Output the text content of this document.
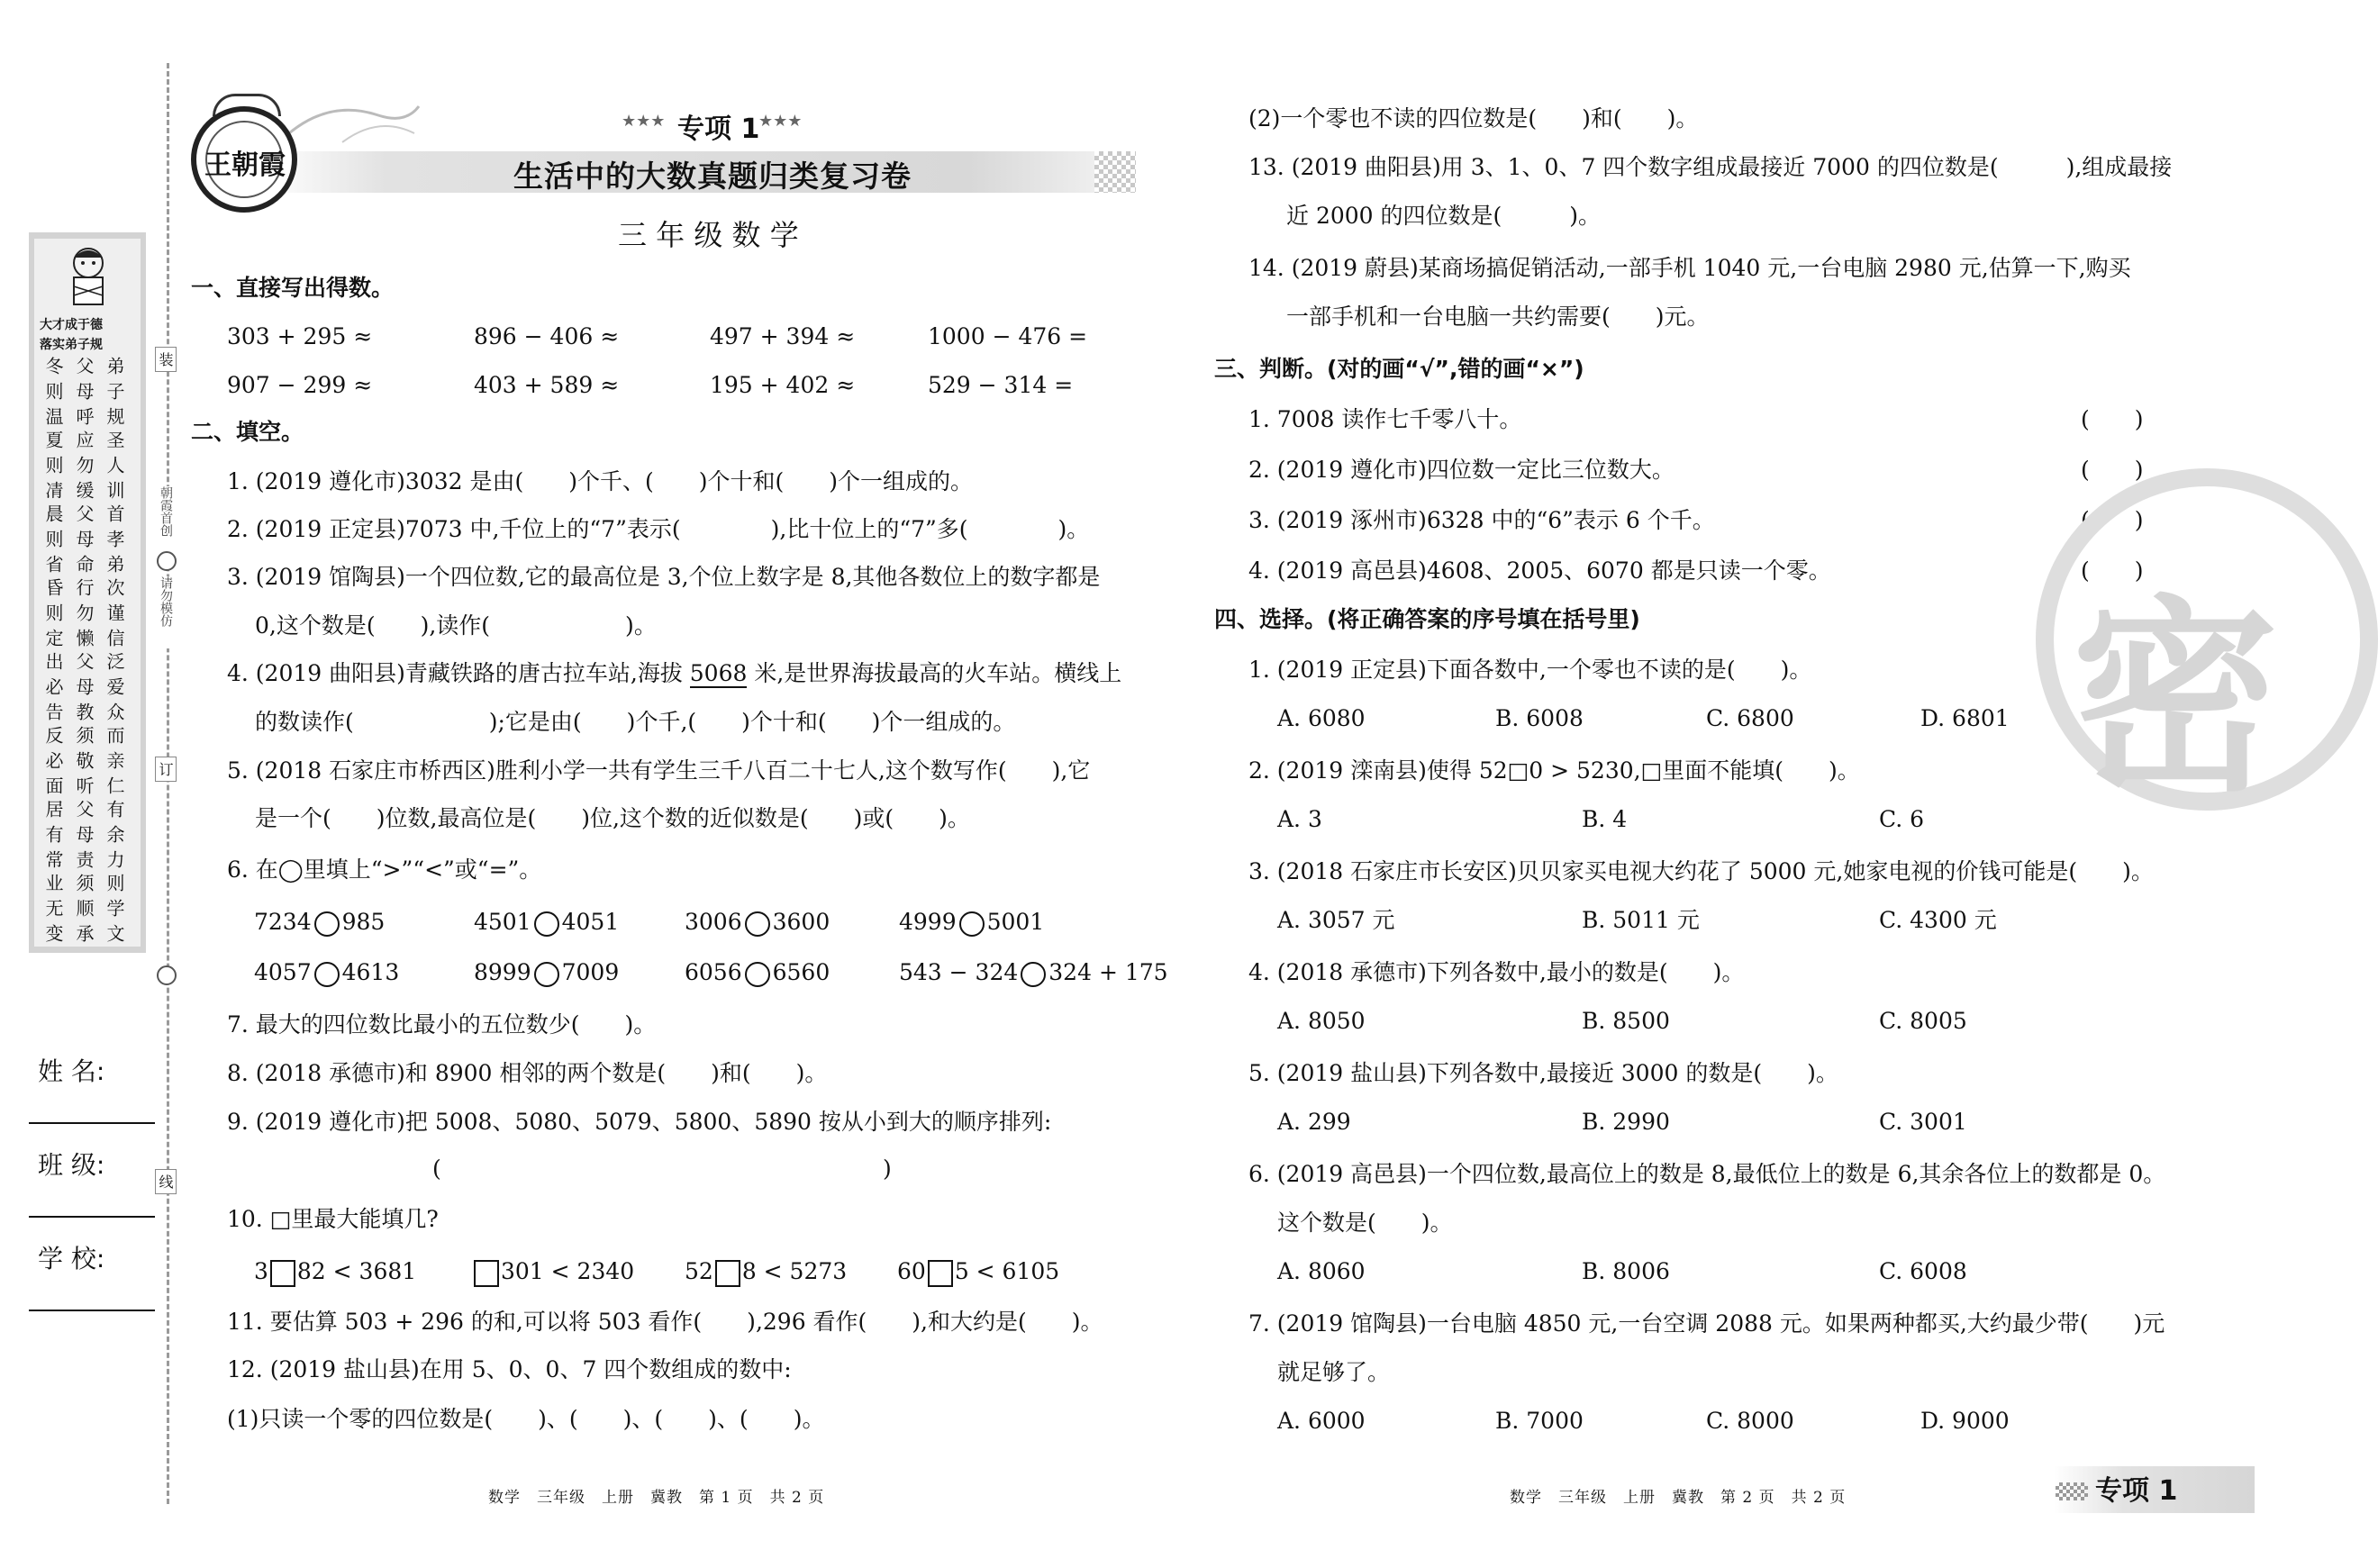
大才成于德
落实弟子规
弟子规
父母呼
冬则温
圣人训
应勿缓
夏则凊
首孝弟
父母命
晨则省
次谨信
行勿懒
昏则定
泛爱众
父母教
出必告
而亲仁
须敬听
反必面
有余力
父母责
居有常
则学文
须顺承
业无变
装
朝霞首创
请勿模仿
订
线
姓 名:
班 级:
学 校:
王朝霞
★★★ 专项 1
★★★
生活中的大数真题归类复习卷
三 年 级 数 学
一、直接写出得数。
303 + 295 ≈	896 − 406 ≈	497 + 394 ≈	1000 − 476 =
907 − 299 ≈	403 + 589 ≈	195 + 402 ≈	529 − 314 =
二、填空。
1. (2019 遵化市)3032 是由(　　)个千、(　　)个十和(　　)个一组成的。
2. (2019 正定县)7073 中,千位上的“7”表示(　　　　),比十位上的“7”多(　　　　)。
3. (2019 馆陶县)一个四位数,它的最高位是 3,个位上数字是 8,其他各数位上的数字都是
0,这个数是(　　),读作(　　　　　　)。
4. (2019 曲阳县)青藏铁路的唐古拉车站,海拔 5068 米,是世界海拔最高的火车站。横线上
的数读作(　　　　　　);它是由(　　)个千,(　　)个十和(　　)个一组成的。
5. (2018 石家庄市桥西区)胜利小学一共有学生三千八百二十七人,这个数写作(　　),它
是一个(　　)位数,最高位是(　　)位,这个数的近似数是(　　)或(　　)。
6. 在◯里填上“>”“<”或“=”。
7234 985	4501 4051	3006 3600	4999 5001
4057 4613	8999 7009	6056 6560	543 − 324 324 + 175
7. 最大的四位数比最小的五位数少(　　)。
8. (2018 承德市)和 8900 相邻的两个数是(　　)和(　　)。
9. (2019 遵化市)把 5008、5080、5079、5800、5890 按从小到大的顺序排列:
(	)
10. □里最大能填几?
3 82 < 3681	301 < 2340 52 8 < 5273 60 5 < 6105
11. 要估算 503 + 296 的和,可以将 503 看作(　　),296 看作(　　),和大约是(　　)。
12. (2019 盐山县)在用 5、0、0、7 四个数组成的数中:
(1)只读一个零的四位数是(　　)、(　　)、(　　)、(　　)。
数学　三年级　上册　冀教　第 1 页　共 2 页
(2)一个零也不读的四位数是(　　)和(　　)。
13. (2019 曲阳县)用 3、1、0、7 四个数字组成最接近 7000 的四位数是(　　　),组成最接
近 2000 的四位数是(　　　)。
14. (2019 蔚县)某商场搞促销活动,一部手机 1040 元,一台电脑 2980 元,估算一下,购买
一部手机和一台电脑一共约需要(　　)元。
三、判断。(对的画“√”,错的画“×”)
1. 7008 读作七千零八十。	(　　)
2. (2019 遵化市)四位数一定比三位数大。	(　　)
3. (2019 涿州市)6328 中的“6”表示 6 个千。	(　　)
4. (2019 高邑县)4608、2005、6070 都是只读一个零。	(　　)
四、选择。(将正确答案的序号填在括号里)
1. (2019 正定县)下面各数中,一个零也不读的是(　　)。
A. 6080	B. 6008	C. 6800	D. 6801
2. (2019 滦南县)使得 52□0 > 5230,□里面不能填(　　)。
A. 3	B. 4	C. 6
3. (2018 石家庄市长安区)贝贝家买电视大约花了 5000 元,她家电视的价钱可能是(　　)。
A. 3057 元	B. 5011 元	C. 4300 元
4. (2018 承德市)下列各数中,最小的数是(　　)。
A. 8050	B. 8500	C. 8005
5. (2019 盐山县)下列各数中,最接近 3000 的数是(　　)。
A. 299	B. 2990	C. 3001
6. (2019 高邑县)一个四位数,最高位上的数是 8,最低位上的数是 6,其余各位上的数都是 0。
这个数是(　　)。
A. 8060	B. 8006	C. 6008
7. (2019 馆陶县)一台电脑 4850 元,一台空调 2088 元。如果两种都买,大约最少带(　　)元
就足够了。
A. 6000	B. 7000	C. 8000	D. 9000
密
数学　三年级　上册　冀教　第 2 页　共 2 页	专项 1
